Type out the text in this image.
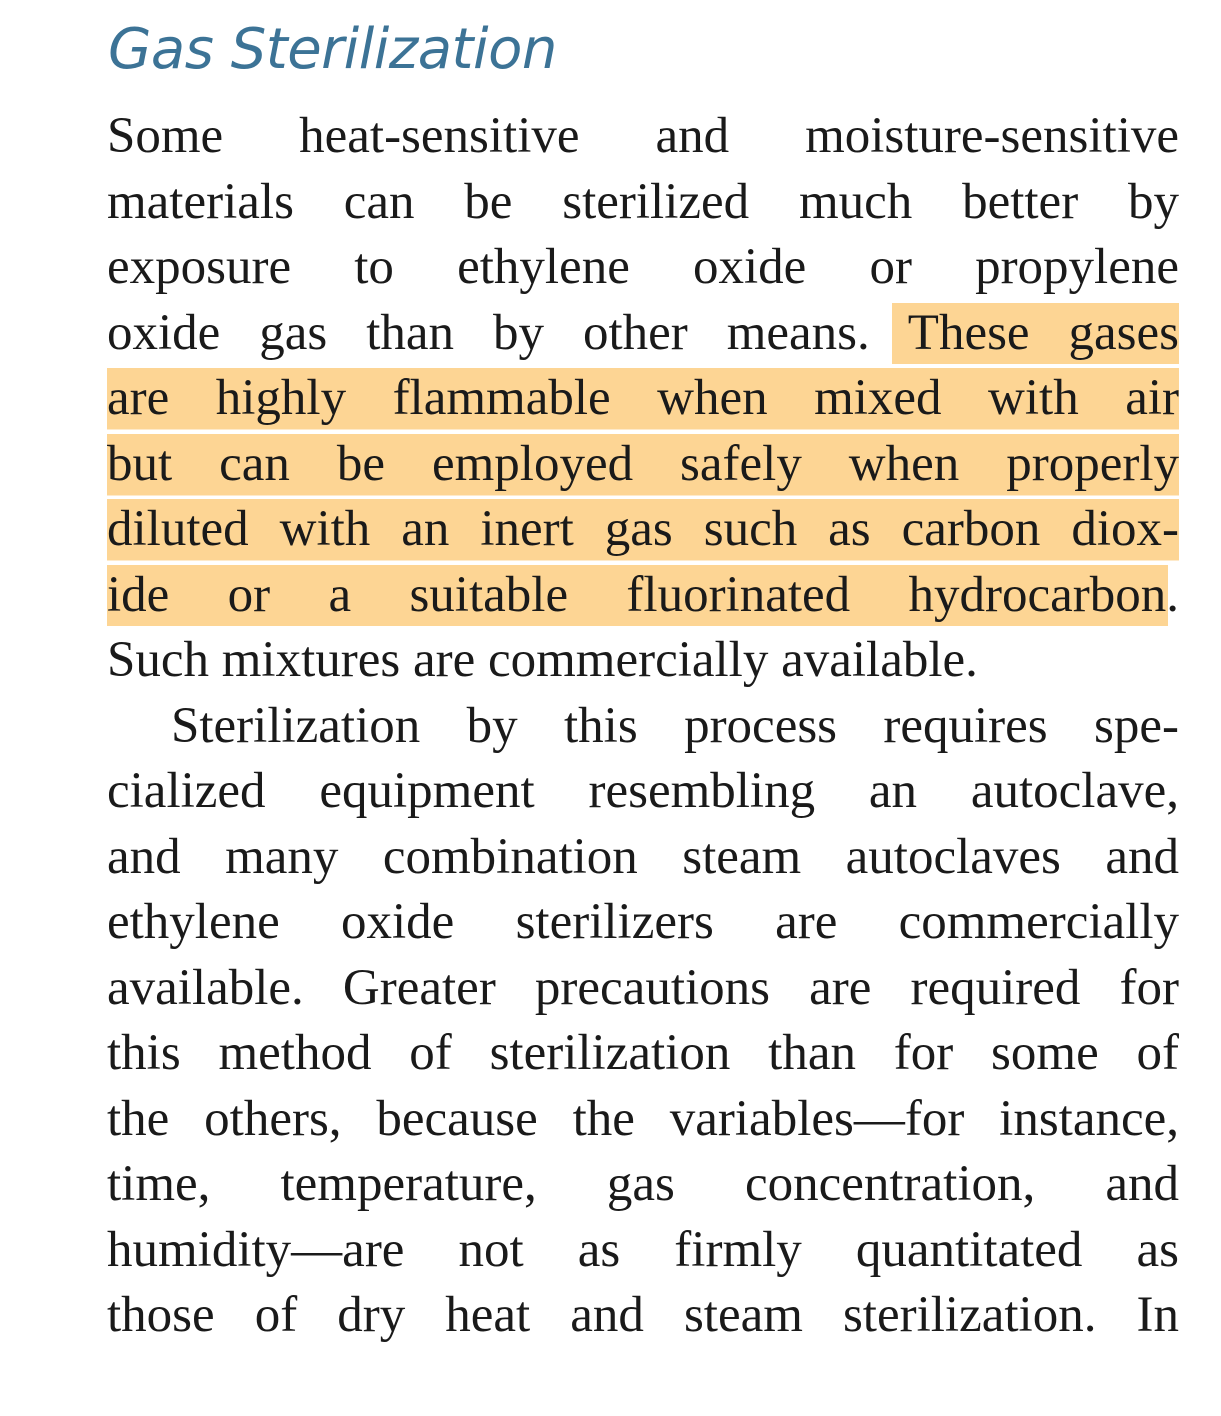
Gas Sterilization
Some heat-sensitive and moisture-sensitive
materials can be sterilized much better by
exposure to ethylene oxide or propylene
oxide gas than by other means. These gases
are highly flammable when mixed with air
but can be employed safely when properly
diluted with an inert gas such as carbon diox-
ide or a suitable fluorinated hydrocarbon.
Such mixtures are commercially available.
Sterilization by this process requires spe-
cialized equipment resembling an autoclave,
and many combination steam autoclaves and
ethylene oxide sterilizers are commercially
available. Greater precautions are required for
this method of sterilization than for some of
the others, because the variables—for instance,
time, temperature, gas concentration, and
humidity—are not as firmly quantitated as
those of dry heat and steam sterilization. In
